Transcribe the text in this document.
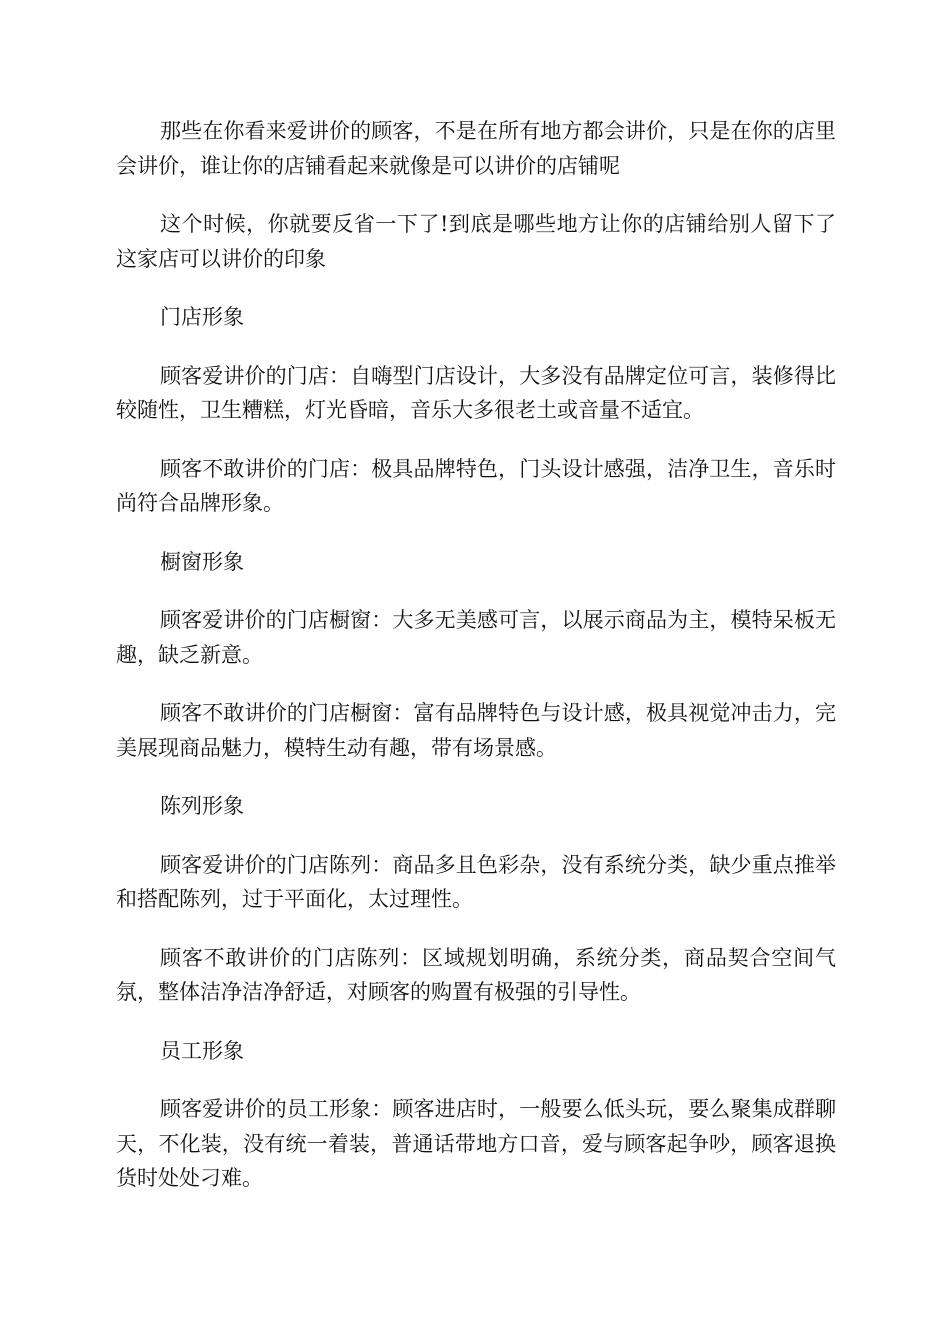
那些在你看来爱讲价的顾客，不是在所有地方都会讲价，只是在你的店里会讲价，谁让你的店铺看起来就像是可以讲价的店铺呢

这个时候，你就要反省一下了!到底是哪些地方让你的店铺给别人留下了这家店可以讲价的印象

门店形象

顾客爱讲价的门店：自嗨型门店设计，大多没有品牌定位可言，装修得比较随性，卫生糟糕，灯光昏暗，音乐大多很老土或音量不适宜。

顾客不敢讲价的门店：极具品牌特色，门头设计感强，洁净卫生，音乐时尚符合品牌形象。

橱窗形象

顾客爱讲价的门店橱窗：大多无美感可言，以展示商品为主，模特呆板无趣，缺乏新意。

顾客不敢讲价的门店橱窗：富有品牌特色与设计感，极具视觉冲击力，完美展现商品魅力，模特生动有趣，带有场景感。

陈列形象

顾客爱讲价的门店陈列：商品多且色彩杂，没有系统分类，缺少重点推举和搭配陈列，过于平面化，太过理性。

顾客不敢讲价的门店陈列：区域规划明确，系统分类，商品契合空间气氛，整体洁净洁净舒适，对顾客的购置有极强的引导性。

员工形象

顾客爱讲价的员工形象：顾客进店时，一般要么低头玩，要么聚集成群聊天，不化装，没有统一着装，普通话带地方口音，爱与顾客起争吵，顾客退换货时处处刁难。
